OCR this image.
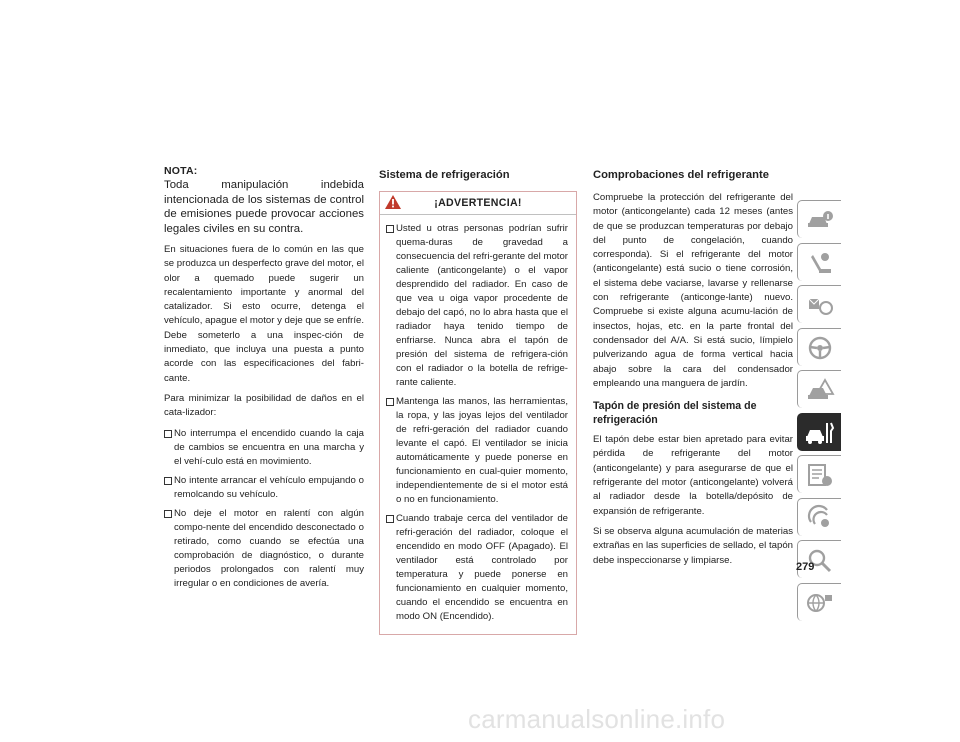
NOTA:
Toda manipulación indebida intencionada de los sistemas de control de emisiones puede provocar acciones legales civiles en su contra.

En situaciones fuera de lo común en las que se produzca un desperfecto grave del motor, el olor a quemado puede sugerir un recalentamiento importante y anormal del catalizador. Si esto ocurre, detenga el vehículo, apague el motor y deje que se enfríe. Debe someterlo a una inspec-ción de inmediato, que incluya una puesta a punto acorde con las especificaciones del fabri-cante.

Para minimizar la posibilidad de daños en el cata-lizador:

No interrumpa el encendido cuando la caja de cambios se encuentra en una marcha y el vehí-culo está en movimiento.
No intente arrancar el vehículo empujando o remolcando su vehículo.
No deje el motor en ralentí con algún compo-nente del encendido desconectado o retirado, como cuando se efectúa una comprobación de diagnóstico, o durante periodos prolongados con ralentí muy irregular o en condiciones de avería.
Sistema de refrigeración
¡ADVERTENCIA!
Usted u otras personas podrían sufrir quema-duras de gravedad a consecuencia del refri-gerante del motor caliente (anticongelante) o el vapor desprendido del radiador. En caso de que vea u oiga vapor procedente de debajo del capó, no lo abra hasta que el radiador haya tenido tiempo de enfriarse. Nunca abra el tapón de presión del sistema de refrigera-ción con el radiador o la botella de refrige-rante caliente.
Mantenga las manos, las herramientas, la ropa, y las joyas lejos del ventilador de refri-geración del radiador cuando levante el capó. El ventilador se inicia automáticamente y puede ponerse en funcionamiento en cual-quier momento, independientemente de si el motor está o no en funcionamiento.
Cuando trabaje cerca del ventilador de refri-geración del radiador, coloque el encendido en modo OFF (Apagado). El ventilador está controlado por temperatura y puede ponerse en funcionamiento en cualquier momento, cuando el encendido se encuentra en modo ON (Encendido).
Comprobaciones del refrigerante

Compruebe la protección del refrigerante del motor (anticongelante) cada 12 meses (antes de que se produzcan temperaturas por debajo del punto de congelación, cuando corresponda). Si el refrigerante del motor (anticongelante) está sucio o tiene corrosión, el sistema debe vaciarse, lavarse y rellenarse con refrigerante (anticonge-lante) nuevo. Compruebe si existe alguna acumu-lación de insectos, hojas, etc. en la parte frontal del condensador del A/A. Si está sucio, límpielo pulverizando agua de forma vertical hacia abajo sobre la cara del condensador empleando una manguera de jardín.

Tapón de presión del sistema de refrigeración

El tapón debe estar bien apretado para evitar pérdida de refrigerante del motor (anticongelante) y para asegurarse de que el refrigerante del motor (anticongelante) volverá al radiador desde la botella/depósito de expansión de refrigerante.

Si se observa alguna acumulación de materias extrañas en las superficies de sellado, el tapón debe inspeccionarse y limpiarse.

279
carmanualsonline.info
